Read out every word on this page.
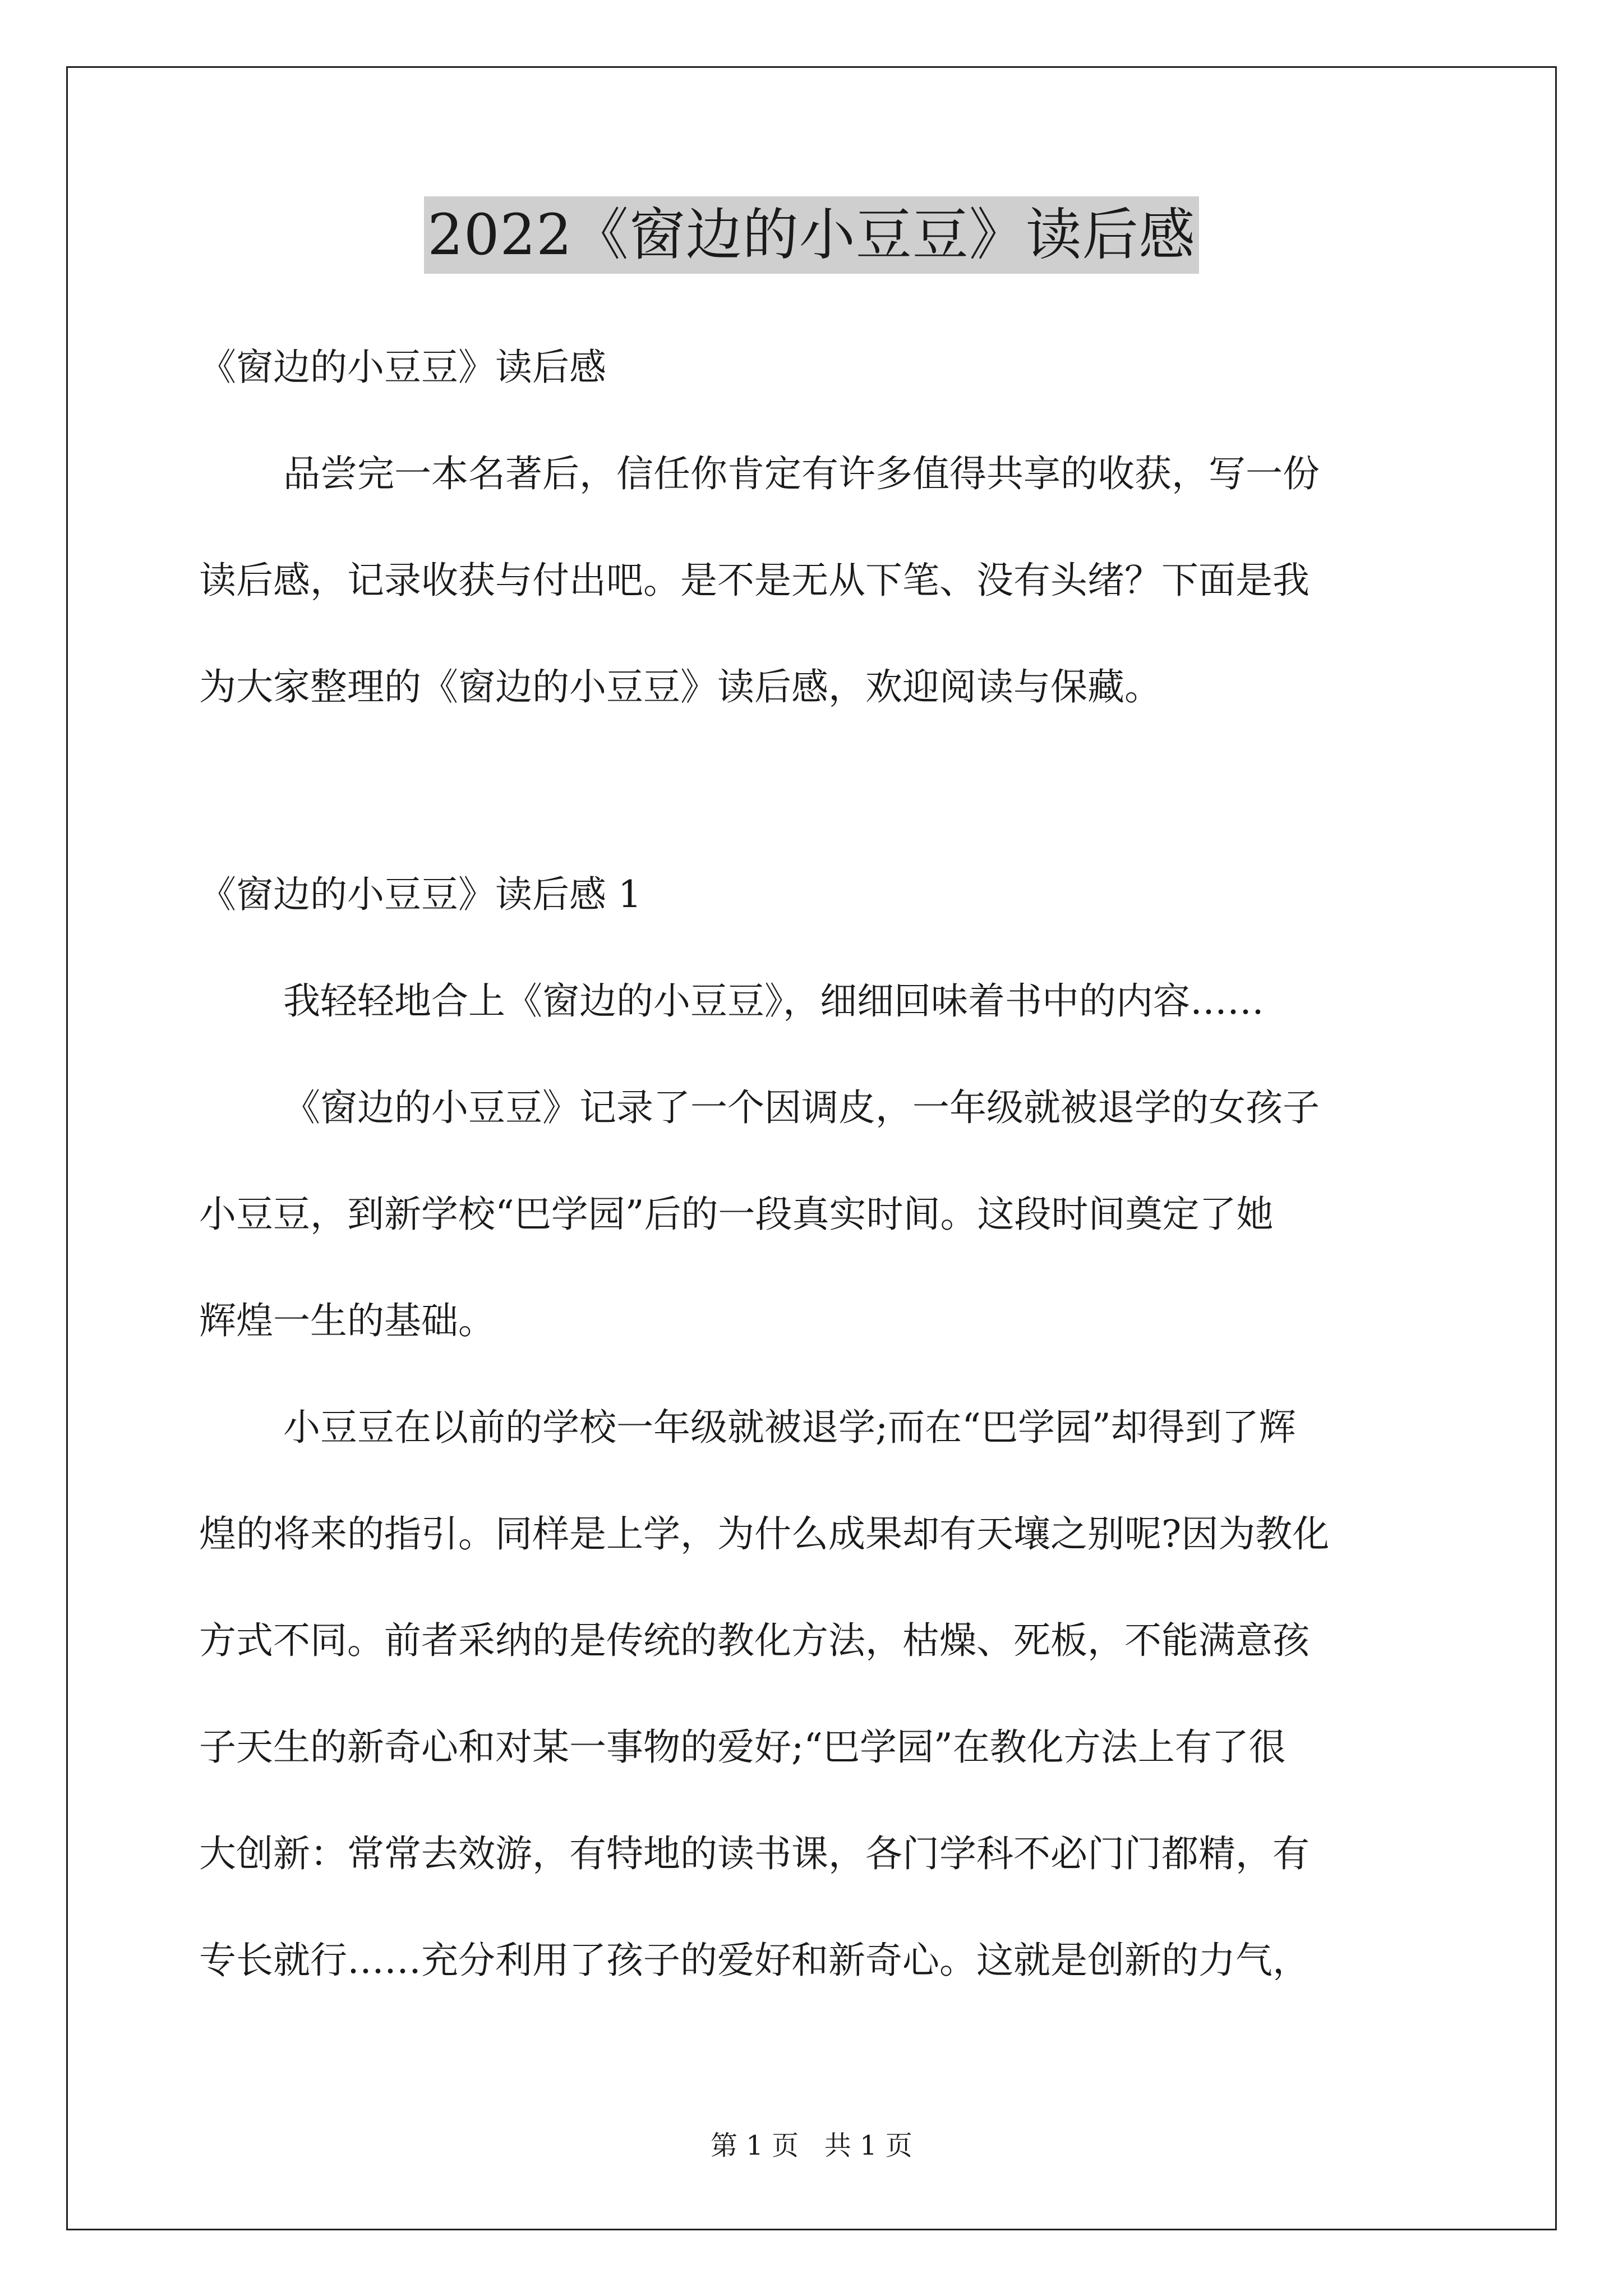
2022《窗边的小豆豆》读后感
《窗边的小豆豆》读后感
品尝完一本名著后，信任你肯定有许多值得共享的收获，写一份
读后感，记录收获与付出吧。是不是无从下笔、没有头绪？下面是我
为大家整理的《窗边的小豆豆》读后感，欢迎阅读与保藏。
《窗边的小豆豆》读后感 1
我轻轻地合上《窗边的小豆豆》，细细回味着书中的内容……
《窗边的小豆豆》记录了一个因调皮，一年级就被退学的女孩子
小豆豆，到新学校“巴学园”后的一段真实时间。这段时间奠定了她
辉煌一生的基础。
小豆豆在以前的学校一年级就被退学;而在“巴学园”却得到了辉
煌的将来的指引。同样是上学，为什么成果却有天壤之别呢?因为教化
方式不同。前者采纳的是传统的教化方法，枯燥、死板，不能满意孩
子天生的新奇心和对某一事物的爱好;“巴学园”在教化方法上有了很
大创新：常常去效游，有特地的读书课，各门学科不必门门都精，有
专长就行……充分利用了孩子的爱好和新奇心。这就是创新的力气，
第 1 页   共 1 页
